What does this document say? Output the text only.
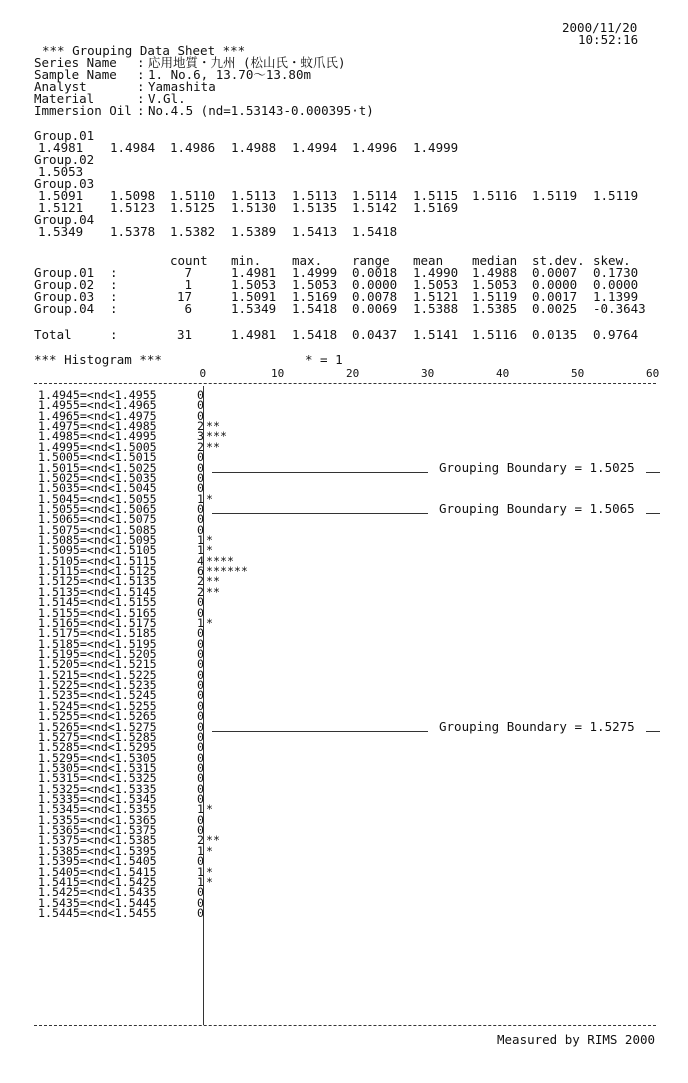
2000/11/20
10:52:16
*** Grouping Data Sheet ***
Series Name : 応用地質・九州 (松山氏・蚊爪氏)
Sample Name : 1. No.6, 13.70～13.80m
Analyst	: Yamashita
Material	: V.Gl.
Immersion Oil : No.4.5 (nd=1.53143-0.000395·t)
Group.01
1.4981 1.4984 1.4986 1.4988 1.4994 1.4996 1.4999
Group.02
1.5053
Group.03
1.5091 1.5098 1.5110 1.5113 1.5113 1.5114 1.5115 1.5116 1.5119 1.5119
1.5121 1.5123 1.5125 1.5130 1.5135 1.5142 1.5169
Group.04
1.5349 1.5378 1.5382 1.5389 1.5413 1.5418
count min. max. range mean median st.dev. skew.
Group.01 :	7	1.4981 1.4999 0.0018 1.4990 1.4988 0.0007 0.1730
Group.02 :	1	1.5053 1.5053 0.0000 1.5053 1.5053 0.0000 0.0000
Group.03 :	17	1.5091 1.5169 0.0078 1.5121 1.5119 0.0017 1.1399
Group.04 :	6	1.5349 1.5418 0.0069 1.5388 1.5385 0.0025 -0.3643
Total	:	31	1.4981 1.5418 0.0437 1.5141 1.5116 0.0135 0.9764
*** Histogram ***	* = 1
0	10	20	30	40	50	60
1.4945=<nd<1.4955	0
1.4955=<nd<1.4965	0
1.4965=<nd<1.4975	0
1.4975=<nd<1.4985	2 **
1.4985=<nd<1.4995	3 ***
1.4995=<nd<1.5005	2 **
1.5005=<nd<1.5015	0
1.5015=<nd<1.5025	0	Grouping Boundary = 1.5025
1.5025=<nd<1.5035	0
1.5035=<nd<1.5045	0
1.5045=<nd<1.5055	1 *
1.5055=<nd<1.5065	0	Grouping Boundary = 1.5065
1.5065=<nd<1.5075	0
1.5075=<nd<1.5085	0
1.5085=<nd<1.5095	1 *
1.5095=<nd<1.5105	1 *
1.5105=<nd<1.5115	4 ****
1.5115=<nd<1.5125	6 ******
1.5125=<nd<1.5135	2 **
1.5135=<nd<1.5145	2 **
1.5145=<nd<1.5155	0
1.5155=<nd<1.5165	0
1.5165=<nd<1.5175	1 *
1.5175=<nd<1.5185	0
1.5185=<nd<1.5195	0
1.5195=<nd<1.5205	0
1.5205=<nd<1.5215	0
1.5215=<nd<1.5225	0
1.5225=<nd<1.5235	0
1.5235=<nd<1.5245	0
1.5245=<nd<1.5255	0
1.5255=<nd<1.5265	0
1.5265=<nd<1.5275	0	Grouping Boundary = 1.5275
1.5275=<nd<1.5285	0
1.5285=<nd<1.5295	0
1.5295=<nd<1.5305	0
1.5305=<nd<1.5315	0
1.5315=<nd<1.5325	0
1.5325=<nd<1.5335	0
1.5335=<nd<1.5345	0
1.5345=<nd<1.5355	1 *
1.5355=<nd<1.5365	0
1.5365=<nd<1.5375	0
1.5375=<nd<1.5385	2 **
1.5385=<nd<1.5395	1 *
1.5395=<nd<1.5405	0
1.5405=<nd<1.5415	1 *
1.5415=<nd<1.5425	1 *
1.5425=<nd<1.5435	0
1.5435=<nd<1.5445	0
1.5445=<nd<1.5455	0
Measured by RIMS 2000
